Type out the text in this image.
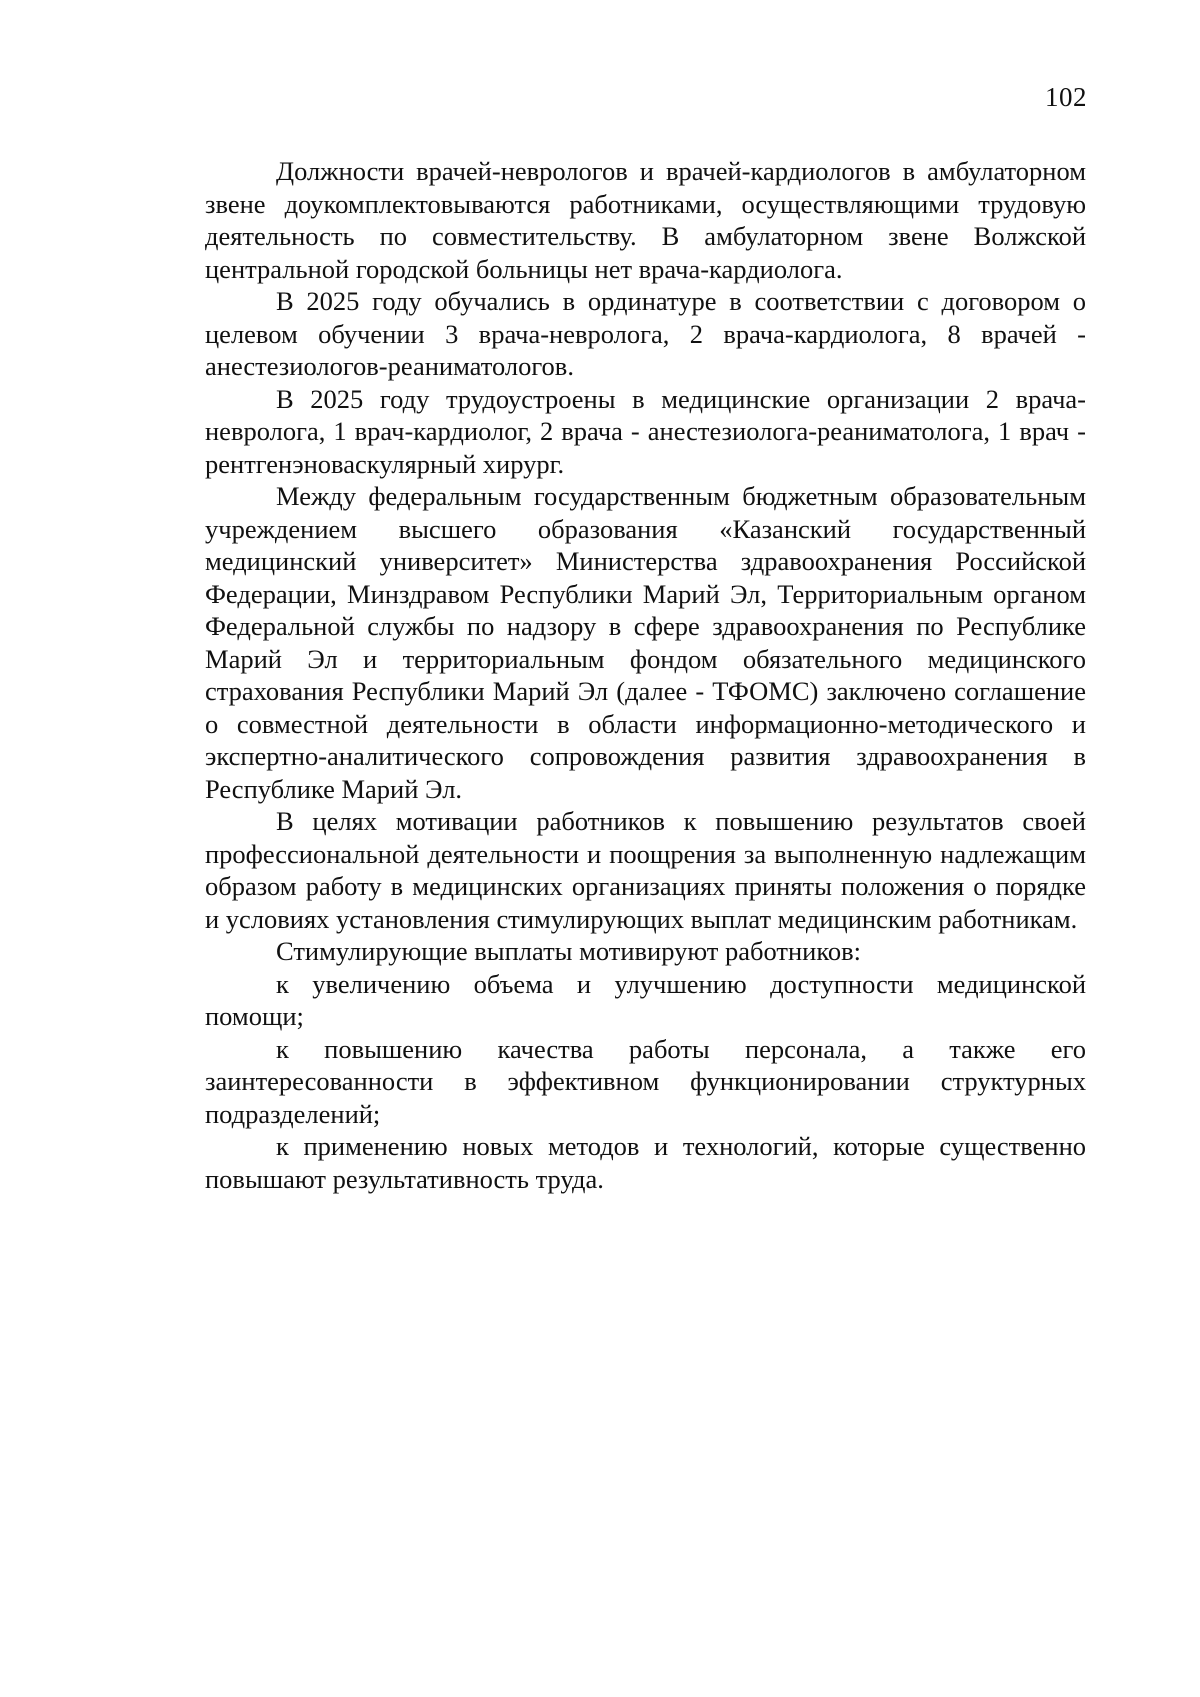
102

Должности врачей-неврологов и врачей-кардиологов в амбулаторном звене доукомплектовываются работниками, осуществляющими трудовую деятельность по совместительству. В амбулаторном звене Волжской центральной городской больницы нет врача-кардиолога.

В 2025 году обучались в ординатуре в соответствии с договором о целевом обучении 3 врача-невролога, 2 врача-кардиолога, 8 врачей - анестезиологов-реаниматологов.

В 2025 году трудоустроены в медицинские организации 2 врача-невролога, 1 врач-кардиолог, 2 врача - анестезиолога-реаниматолога, 1 врач - рентгенэноваскулярный хирург.

Между федеральным государственным бюджетным образовательным учреждением высшего образования «Казанский государственный медицинский университет» Министерства здравоохранения Российской Федерации, Минздравом Республики Марий Эл, Территориальным органом Федеральной службы по надзору в сфере здравоохранения по Республике Марий Эл и территориальным фондом обязательного медицинского страхования Республики Марий Эл (далее - ТФОМС) заключено соглашение о совместной деятельности в области информационно-методического и экспертно-аналитического сопровождения развития здравоохранения в Республике Марий Эл.

В целях мотивации работников к повышению результатов своей профессиональной деятельности и поощрения за выполненную надлежащим образом работу в медицинских организациях приняты положения о порядке и условиях установления стимулирующих выплат медицинским работникам.

Стимулирующие выплаты мотивируют работников:

к увеличению объема и улучшению доступности медицинской помощи;

к повышению качества работы персонала, а также его заинтересованности в эффективном функционировании структурных подразделений;

к применению новых методов и технологий, которые существенно повышают результативность труда.
